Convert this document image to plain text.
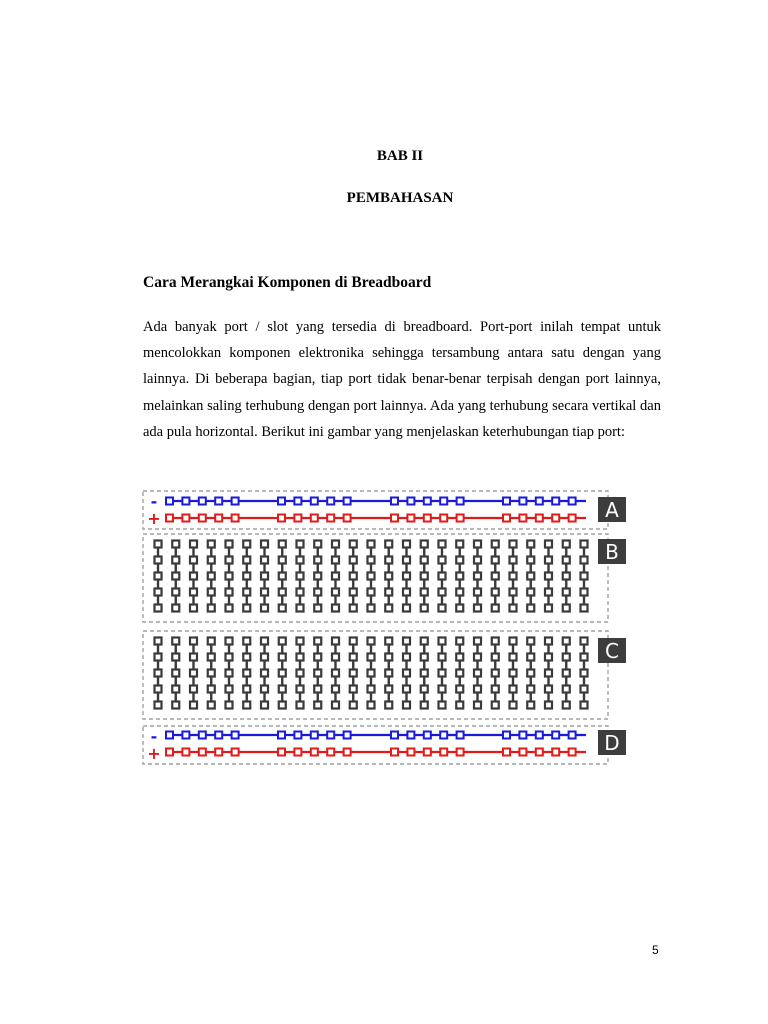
BAB II
PEMBAHASAN
Cara Merangkai Komponen di Breadboard

Ada banyak port / slot yang tersedia di breadboard. Port-port inilah tempat untuk mencolokkan komponen elektronika sehingga tersambung antara satu dengan yang lainnya. Di beberapa bagian, tiap port tidak benar-benar terpisah dengan port lainnya, melainkan saling terhubung dengan port lainnya. Ada yang terhubung secara vertikal dan ada pula horizontal. Berikut ini gambar yang menjelaskan keterhubungan tiap port:

-
+
-
+
A
B
C
D
5
